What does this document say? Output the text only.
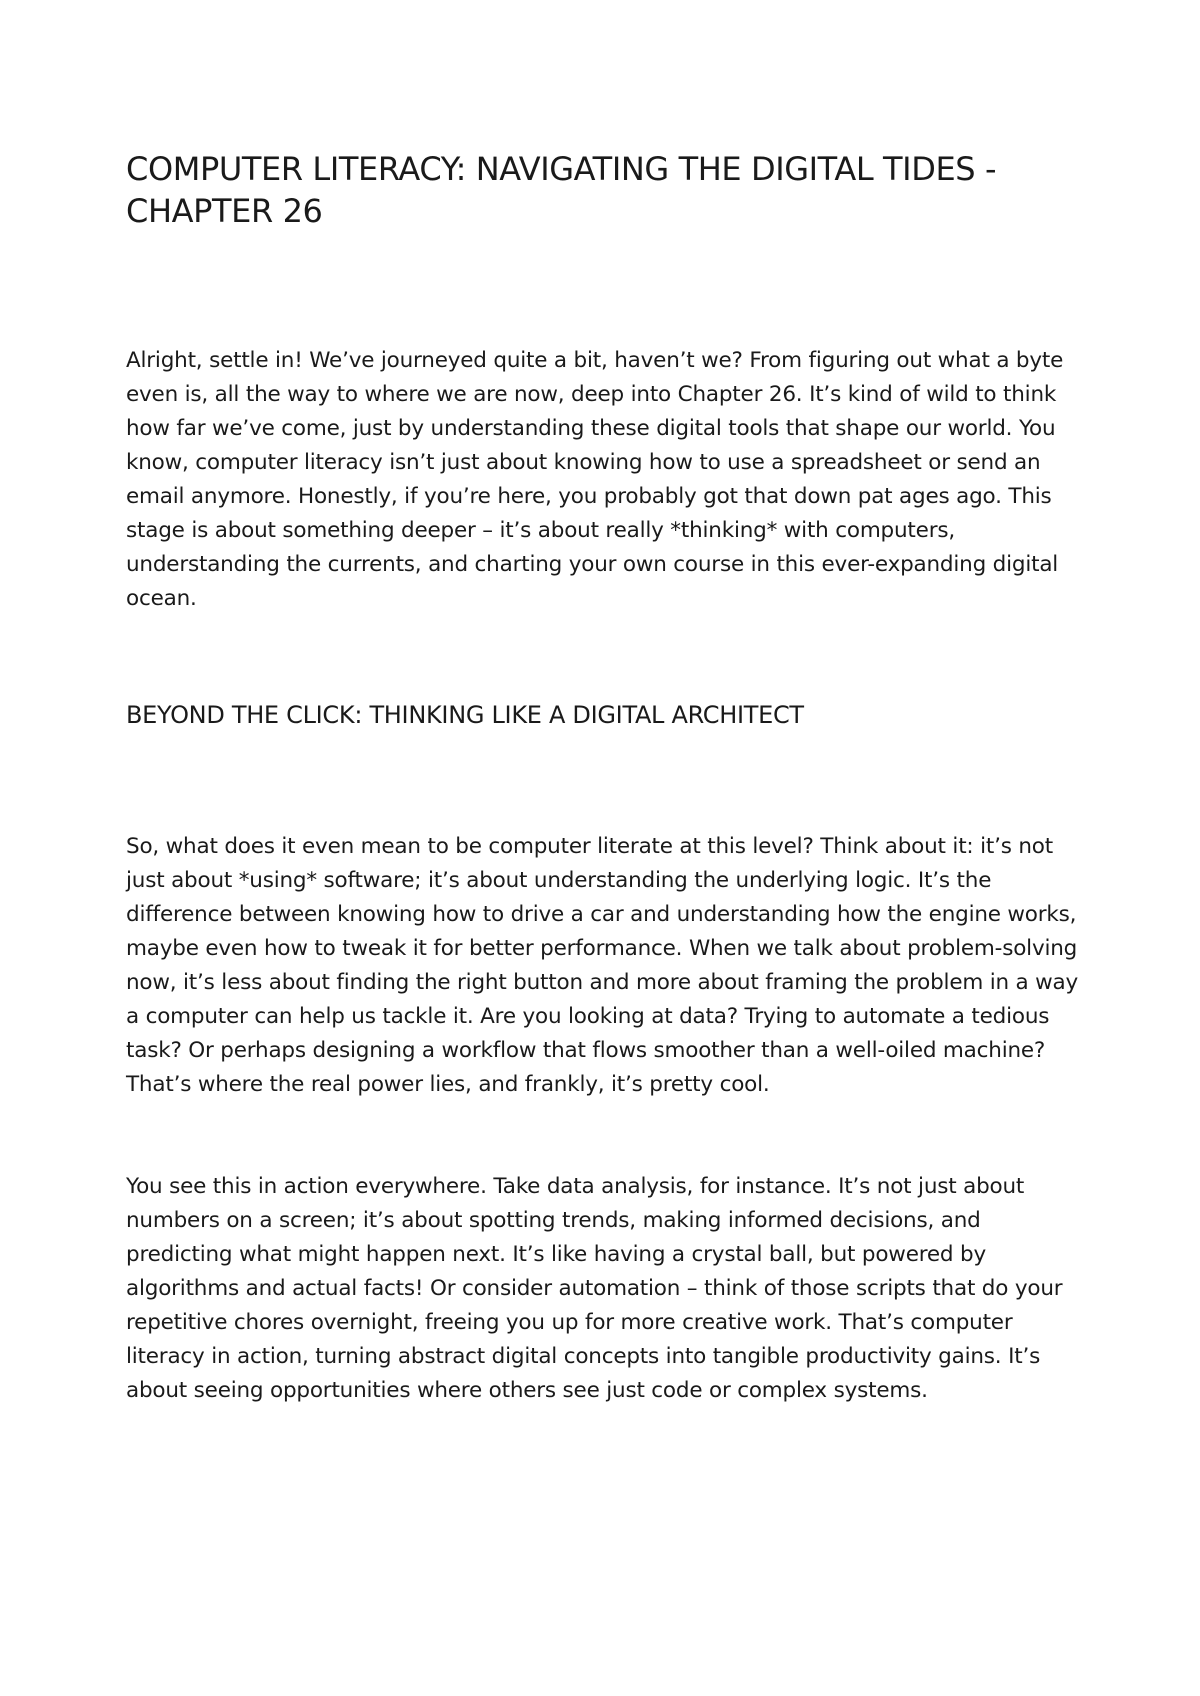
COMPUTER LITERACY: NAVIGATING THE DIGITAL TIDES - CHAPTER 26

Alright, settle in! We’ve journeyed quite a bit, haven’t we? From figuring out what a byte even is, all the way to where we are now, deep into Chapter 26. It’s kind of wild to think how far we’ve come, just by understanding these digital tools that shape our world. You know, computer literacy isn’t just about knowing how to use a spreadsheet or send an email anymore. Honestly, if you’re here, you probably got that down pat ages ago. This stage is about something deeper – it’s about really *thinking* with computers, understanding the currents, and charting your own course in this ever-expanding digital ocean.

BEYOND THE CLICK: THINKING LIKE A DIGITAL ARCHITECT

So, what does it even mean to be computer literate at this level? Think about it: it’s not just about *using* software; it’s about understanding the underlying logic. It’s the difference between knowing how to drive a car and understanding how the engine works, maybe even how to tweak it for better performance. When we talk about problem-solving now, it’s less about finding the right button and more about framing the problem in a way a computer can help us tackle it. Are you looking at data? Trying to automate a tedious task? Or perhaps designing a workflow that flows smoother than a well-oiled machine? That’s where the real power lies, and frankly, it’s pretty cool.

You see this in action everywhere. Take data analysis, for instance. It’s not just about numbers on a screen; it’s about spotting trends, making informed decisions, and predicting what might happen next. It’s like having a crystal ball, but powered by algorithms and actual facts! Or consider automation – think of those scripts that do your repetitive chores overnight, freeing you up for more creative work. That’s computer literacy in action, turning abstract digital concepts into tangible productivity gains. It’s about seeing opportunities where others see just code or complex systems.
